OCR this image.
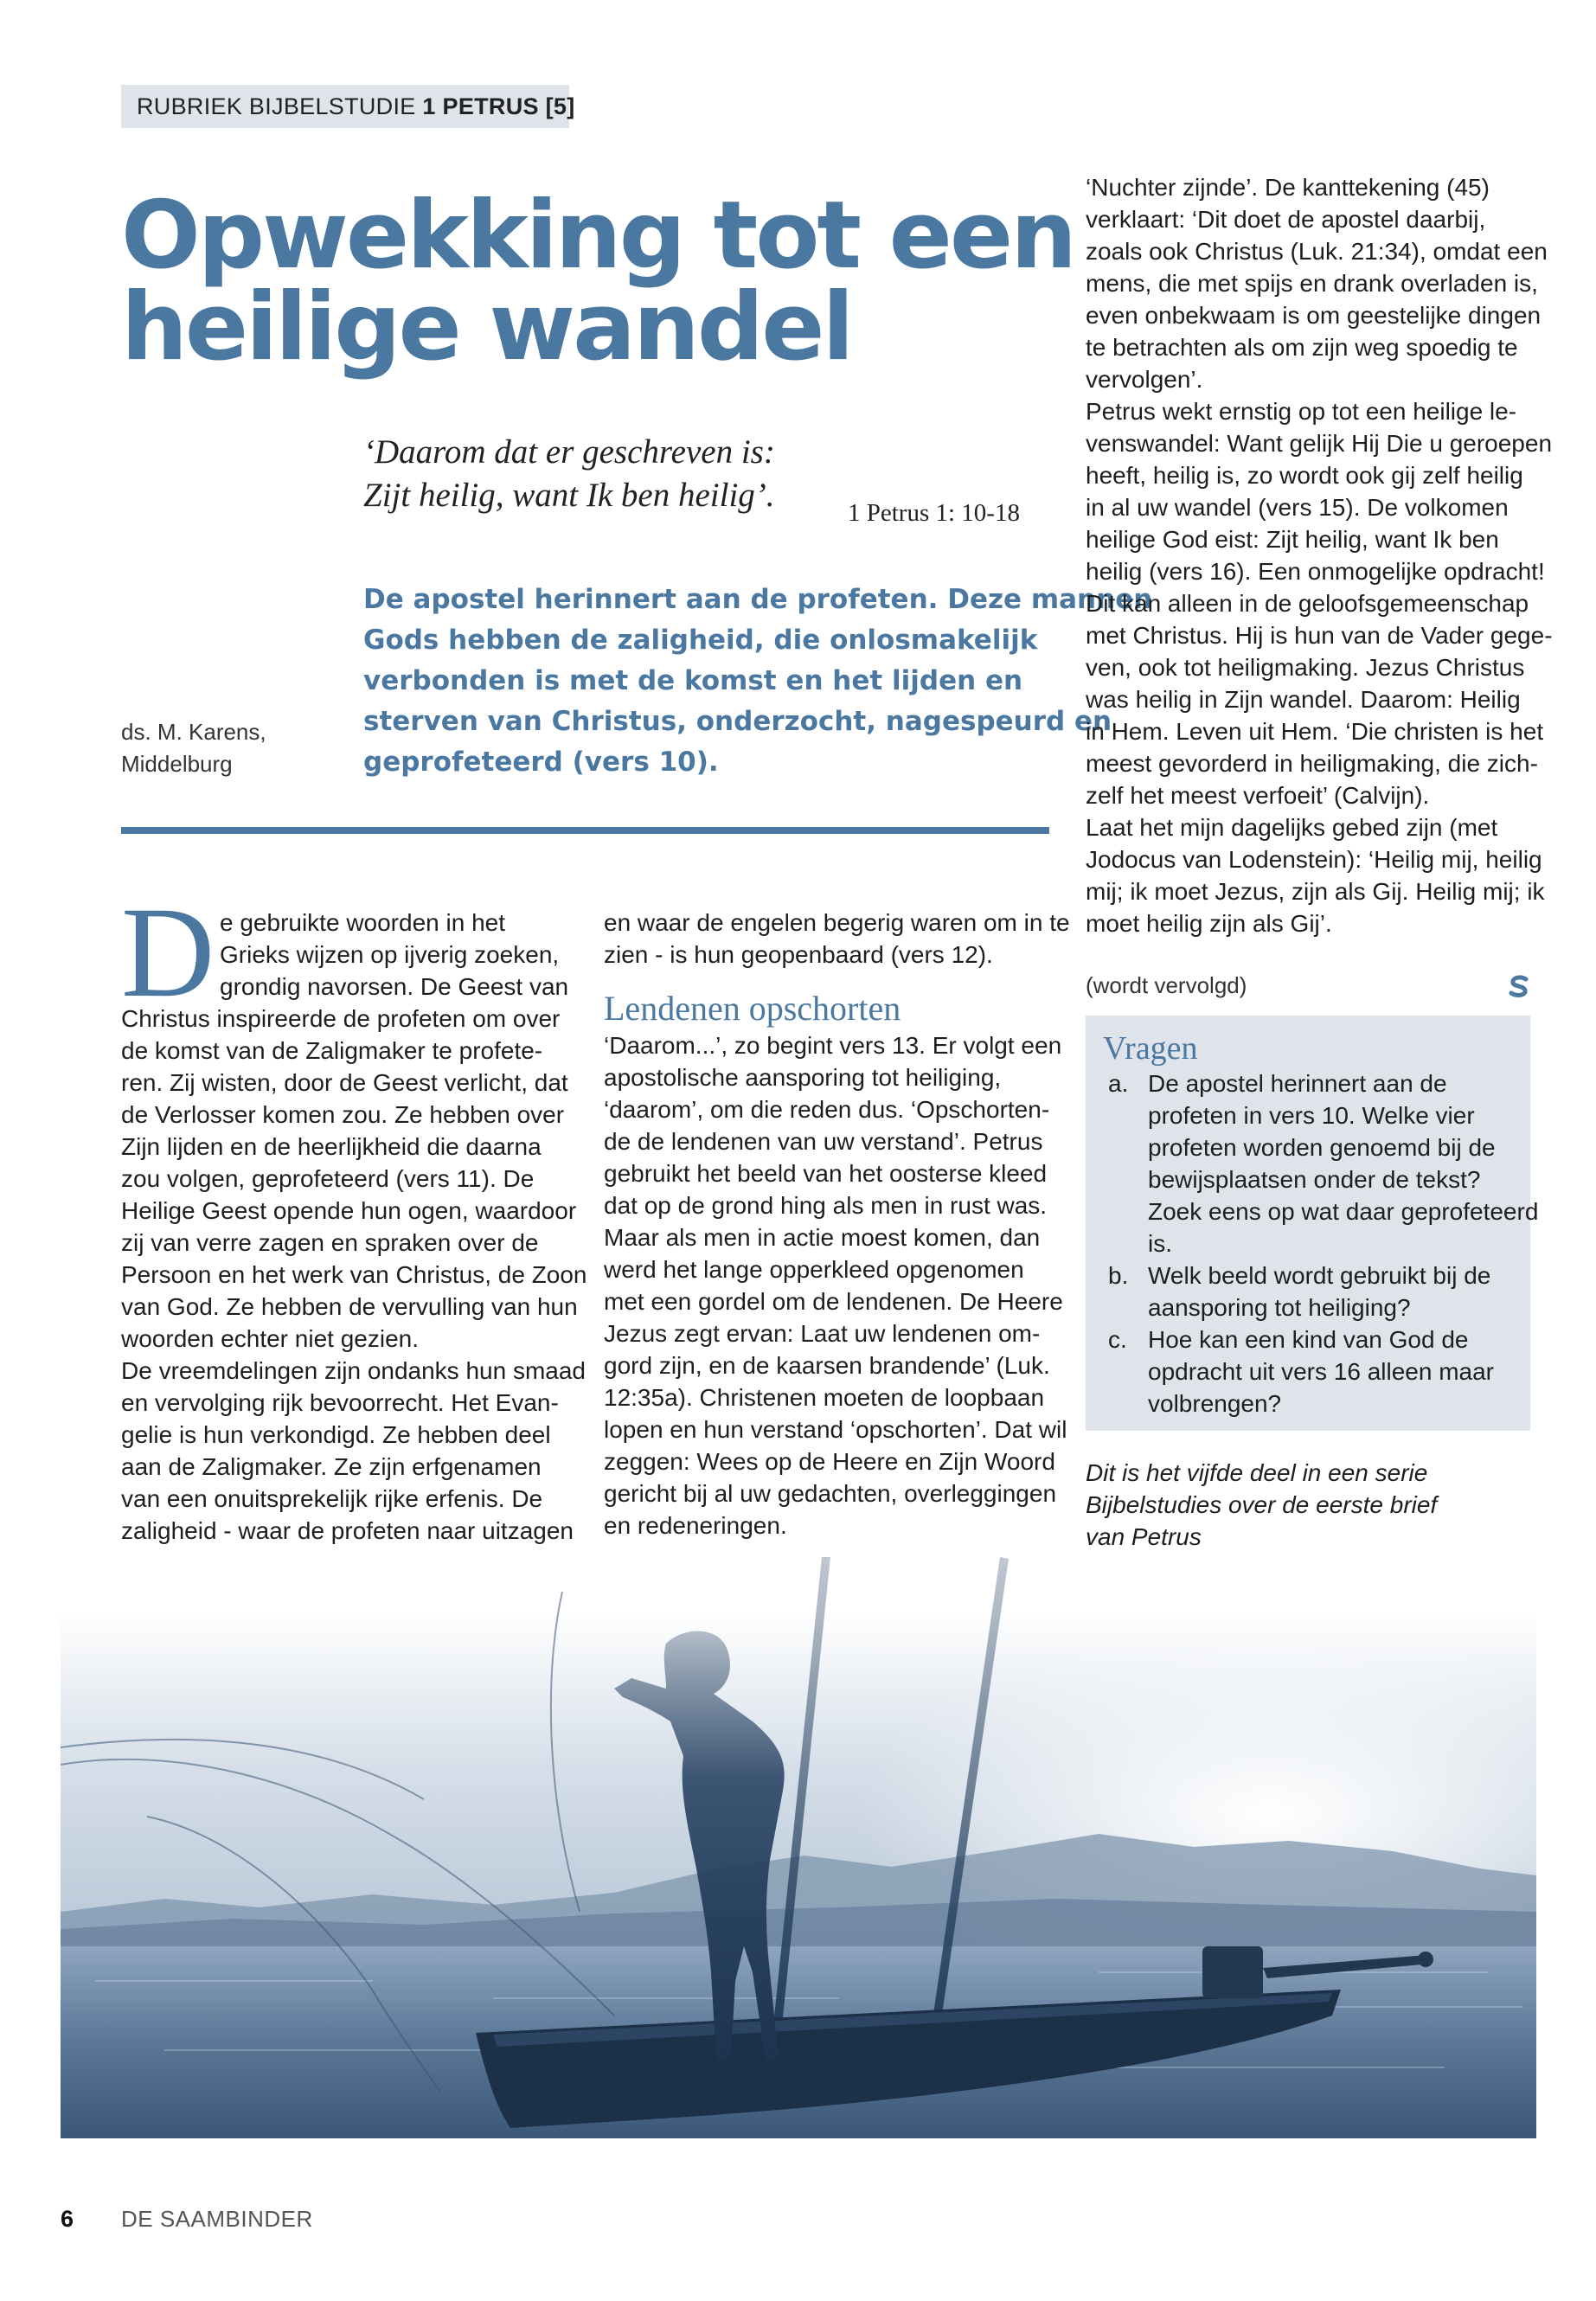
RUBRIEK BIJBELSTUDIE 1 PETRUS [5]
Opwekking tot een
heilige wandel
‘Daarom dat er geschreven is:
Zijt heilig, want Ik ben heilig’.	1 Petrus 1: 10-18
De apostel herinnert aan de profeten. Deze mannen
Gods hebben de zaligheid, die onlosmakelijk
verbonden is met de komst en het lijden en
sterven van Christus, onderzocht, nagespeurd en
geprofeteerd (vers 10).
ds. M. Karens,
Middelburg
D e gebruikte woorden in het
Grieks wijzen op ijverig zoeken,
grondig navorsen. De Geest van
Christus inspireerde de profeten om over
de komst van de Zaligmaker te profete-
ren. Zij wisten, door de Geest verlicht, dat
de Verlosser komen zou. Ze hebben over
Zijn lijden en de heerlijkheid die daarna
zou volgen, geprofeteerd (vers 11). De
Heilige Geest opende hun ogen, waardoor
zij van verre zagen en spraken over de
Persoon en het werk van Christus, de Zoon
van God. Ze hebben de vervulling van hun
woorden echter niet gezien.
De vreemdelingen zijn ondanks hun smaad
en vervolging rijk bevoorrecht. Het Evan-
gelie is hun verkondigd. Ze hebben deel
aan de Zaligmaker. Ze zijn erfgenamen
van een onuitsprekelijk rijke erfenis. De
zaligheid - waar de profeten naar uitzagen
en waar de engelen begerig waren om in te
zien - is hun geopenbaard (vers 12).
Lendenen opschorten
‘Daarom...’, zo begint vers 13. Er volgt een
apostolische aansporing tot heiliging,
‘daarom’, om die reden dus. ‘Opschorten-
de de lendenen van uw verstand’. Petrus
gebruikt het beeld van het oosterse kleed
dat op de grond hing als men in rust was.
Maar als men in actie moest komen, dan
werd het lange opperkleed opgenomen
met een gordel om de lendenen. De Heere
Jezus zegt ervan: Laat uw lendenen om-
gord zijn, en de kaarsen brandende’ (Luk.
12:35a). Christenen moeten de loopbaan
lopen en hun verstand ‘opschorten’. Dat wil
zeggen: Wees op de Heere en Zijn Woord
gericht bij al uw gedachten, overleggingen
en redeneringen.
‘Nuchter zijnde’. De kanttekening (45)
verklaart: ‘Dit doet de apostel daarbij,
zoals ook Christus (Luk. 21:34), omdat een
mens, die met spijs en drank overladen is,
even onbekwaam is om geestelijke dingen
te betrachten als om zijn weg spoedig te
vervolgen’.
Petrus wekt ernstig op tot een heilige le-
venswandel: Want gelijk Hij Die u geroepen
heeft, heilig is, zo wordt ook gij zelf heilig
in al uw wandel (vers 15). De volkomen
heilige God eist: Zijt heilig, want Ik ben
heilig (vers 16). Een onmogelijke opdracht!
Dit kan alleen in de geloofsgemeenschap
met Christus. Hij is hun van de Vader gege-
ven, ook tot heiligmaking. Jezus Christus
was heilig in Zijn wandel. Daarom: Heilig
in Hem. Leven uit Hem. ‘Die christen is het
meest gevorderd in heiligmaking, die zich-
zelf het meest verfoeit’ (Calvijn).
Laat het mijn dagelijks gebed zijn (met
Jodocus van Lodenstein): ‘Heilig mij, heilig
mij; ik moet Jezus, zijn als Gij. Heilig mij; ik
moet heilig zijn als Gij’.
(wordt vervolgd)
Vragen
a. De apostel herinnert aan de
profeten in vers 10. Welke vier
profeten worden genoemd bij de
bewijsplaatsen onder de tekst?
Zoek eens op wat daar geprofeteerd
is.
b. Welk beeld wordt gebruikt bij de
aansporing tot heiliging?
c. Hoe kan een kind van God de
opdracht uit vers 16 alleen maar
volbrengen?
Dit is het vijfde deel in een serie
Bijbelstudies over de eerste brief
van Petrus
6 DE SAAMBINDER
